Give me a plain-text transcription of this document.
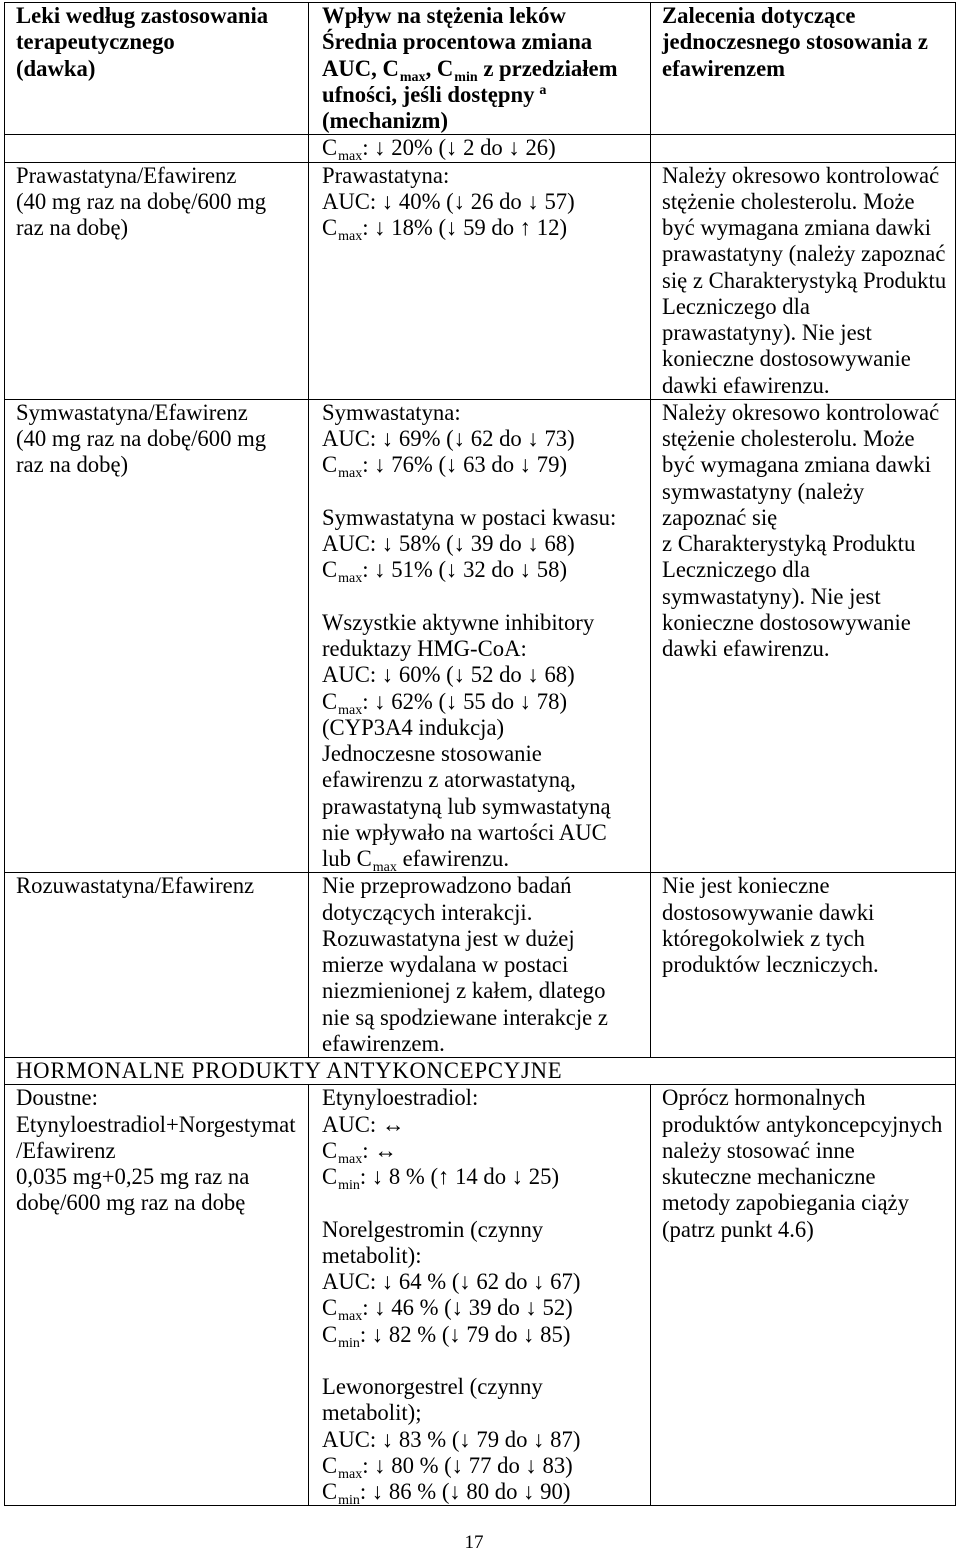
Leki według zastosowania
terapeutycznego
(dawka)
Wpływ na stężenia leków
Średnia procentowa zmiana
AUC, $C_{max}$, $C_{min}$ z przedziałem
ufności, jeśli dostępny $^a$
(mechanizm)
Zalecenia dotyczące
jednoczesnego stosowania z
efawirenzem
$C_{max}$: ↓ 20% (↓ 2 do ↓ 26)
Prawastatyna/Efawirenz
(40 mg raz na dobę/600 mg
raz na dobę)
Prawastatyna:
AUC: ↓ 40% (↓ 26 do ↓ 57)
$C_{max}$: ↓ 18% (↓ 59 do ↑ 12)
Należy okresowo kontrolować
stężenie cholesterolu. Może
być wymagana zmiana dawki
prawastatyny (należy zapoznać
się z Charakterystyką Produktu
Leczniczego dla
prawastatyny). Nie jest
konieczne dostosowywanie
dawki efawirenzu.
Symwastatyna/Efawirenz
(40 mg raz na dobę/600 mg
raz na dobę)
Symwastatyna:
AUC: ↓ 69% (↓ 62 do ↓ 73)
$C_{max}$: ↓ 76% (↓ 63 do ↓ 79)
Symwastatyna w postaci kwasu:
AUC: ↓ 58% (↓ 39 do ↓ 68)
$C_{max}$: ↓ 51% (↓ 32 do ↓ 58)
Wszystkie aktywne inhibitory
reduktazy HMG-CoA:
AUC: ↓ 60% (↓ 52 do ↓ 68)
$C_{max}$: ↓ 62% (↓ 55 do ↓ 78)
(CYP3A4 indukcja)
Jednoczesne stosowanie
efawirenzu z atorwastatyną,
prawastatyną lub symwastatyną
nie wpływało na wartości AUC
lub $C_{max}$ efawirenzu.
Należy okresowo kontrolować
stężenie cholesterolu. Może
być wymagana zmiana dawki
symwastatyny (należy
zapoznać się
z Charakterystyką Produktu
Leczniczego dla
symwastatyny). Nie jest
konieczne dostosowywanie
dawki efawirenzu.
Rozuwastatyna/Efawirenz	Nie przeprowadzono badań
dotyczących interakcji.
Rozuwastatyna jest w dużej
mierze wydalana w postaci
niezmienionej z kałem, dlatego
nie są spodziewane interakcje z
efawirenzem.
Nie jest konieczne
dostosowywanie dawki
któregokolwiek z tych
produktów leczniczych.
HORMONALNE PRODUKTY ANTYKONCEPCYJNE
Doustne:
Etynyloestradiol+Norgestymat
/Efawirenz
0,035 mg+0,25 mg raz na
dobę/600 mg raz na dobę
Etynyloestradiol:
AUC: ↔
$C_{max}$: ↔
$C_{min}$: ↓ 8 % (↑ 14 do ↓ 25)
Norelgestromin (czynny
metabolit):
AUC: ↓ 64 % (↓ 62 do ↓ 67)
$C_{max}$: ↓ 46 % (↓ 39 do ↓ 52)
$C_{min}$: ↓ 82 % (↓ 79 do ↓ 85)
Lewonorgestrel (czynny
metabolit);
AUC: ↓ 83 % (↓ 79 do ↓ 87)
$C_{max}$: ↓ 80 % (↓ 77 do ↓ 83)
$C_{min}$: ↓ 86 % (↓ 80 do ↓ 90)
Oprócz hormonalnych
produktów antykoncepcyjnych
należy stosować inne
skuteczne mechaniczne
metody zapobiegania ciąży
(patrz punkt 4.6)
17
